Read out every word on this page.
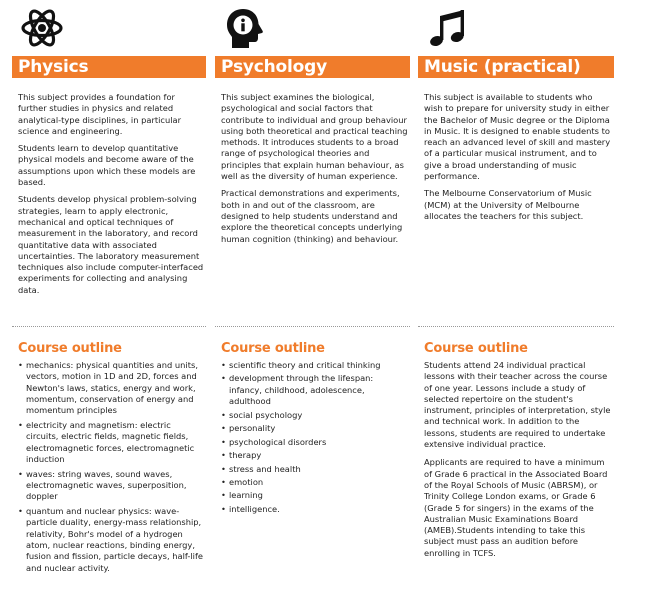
Physics

This subject provides a foundation for further studies in physics and related analytical-type disciplines, in particular science and engineering.

Students learn to develop quantitative physical models and become aware of the assumptions upon which these models are based.

Students develop physical problem-solving strategies, learn to apply electronic, mechanical and optical techniques of measurement in the laboratory, and record quantitative data with associated uncertainties. The laboratory measurement techniques also include computer-interfaced experiments for collecting and analysing data.

Course outline
• mechanics: physical quantities and units, vectors, motion in 1D and 2D, forces and Newton's laws, statics, energy and work, momentum, conservation of energy and momentum principles
• electricity and magnetism: electric circuits, electric fields, magnetic fields, electromagnetic forces, electromagnetic induction
• waves: string waves, sound waves, electromagnetic waves, superposition, doppler
• quantum and nuclear physics: wave-particle duality, energy-mass relationship, relativity, Bohr's model of a hydrogen atom, nuclear reactions, binding energy, fusion and fission, particle decays, half-life and nuclear activity.
Psychology

This subject examines the biological, psychological and social factors that contribute to individual and group behaviour using both theoretical and practical teaching methods. It introduces students to a broad range of psychological theories and principles that explain human behaviour, as well as the diversity of human experience.

Practical demonstrations and experiments, both in and out of the classroom, are designed to help students understand and explore the theoretical concepts underlying human cognition (thinking) and behaviour.

Course outline
• scientific theory and critical thinking
• development through the lifespan: infancy, childhood, adolescence, adulthood
• social psychology
• personality
• psychological disorders
• therapy
• stress and health
• emotion
• learning
• intelligence.
Music (practical)

This subject is available to students who wish to prepare for university study in either the Bachelor of Music degree or the Diploma in Music. It is designed to enable students to reach an advanced level of skill and mastery of a particular musical instrument, and to give a broad understanding of music performance.

The Melbourne Conservatorium of Music (MCM) at the University of Melbourne allocates the teachers for this subject.

Course outline

Students attend 24 individual practical lessons with their teacher across the course of one year. Lessons include a study of selected repertoire on the student's instrument, principles of interpretation, style and technical work. In addition to the lessons, students are required to undertake extensive individual practice.

Applicants are required to have a minimum of Grade 6 practical in the Associated Board of the Royal Schools of Music (ABRSM), or Trinity College London exams, or Grade 6 (Grade 5 for singers) in the exams of the Australian Music Examinations Board (AMEB).Students intending to take this subject must pass an audition before enrolling in TCFS.
